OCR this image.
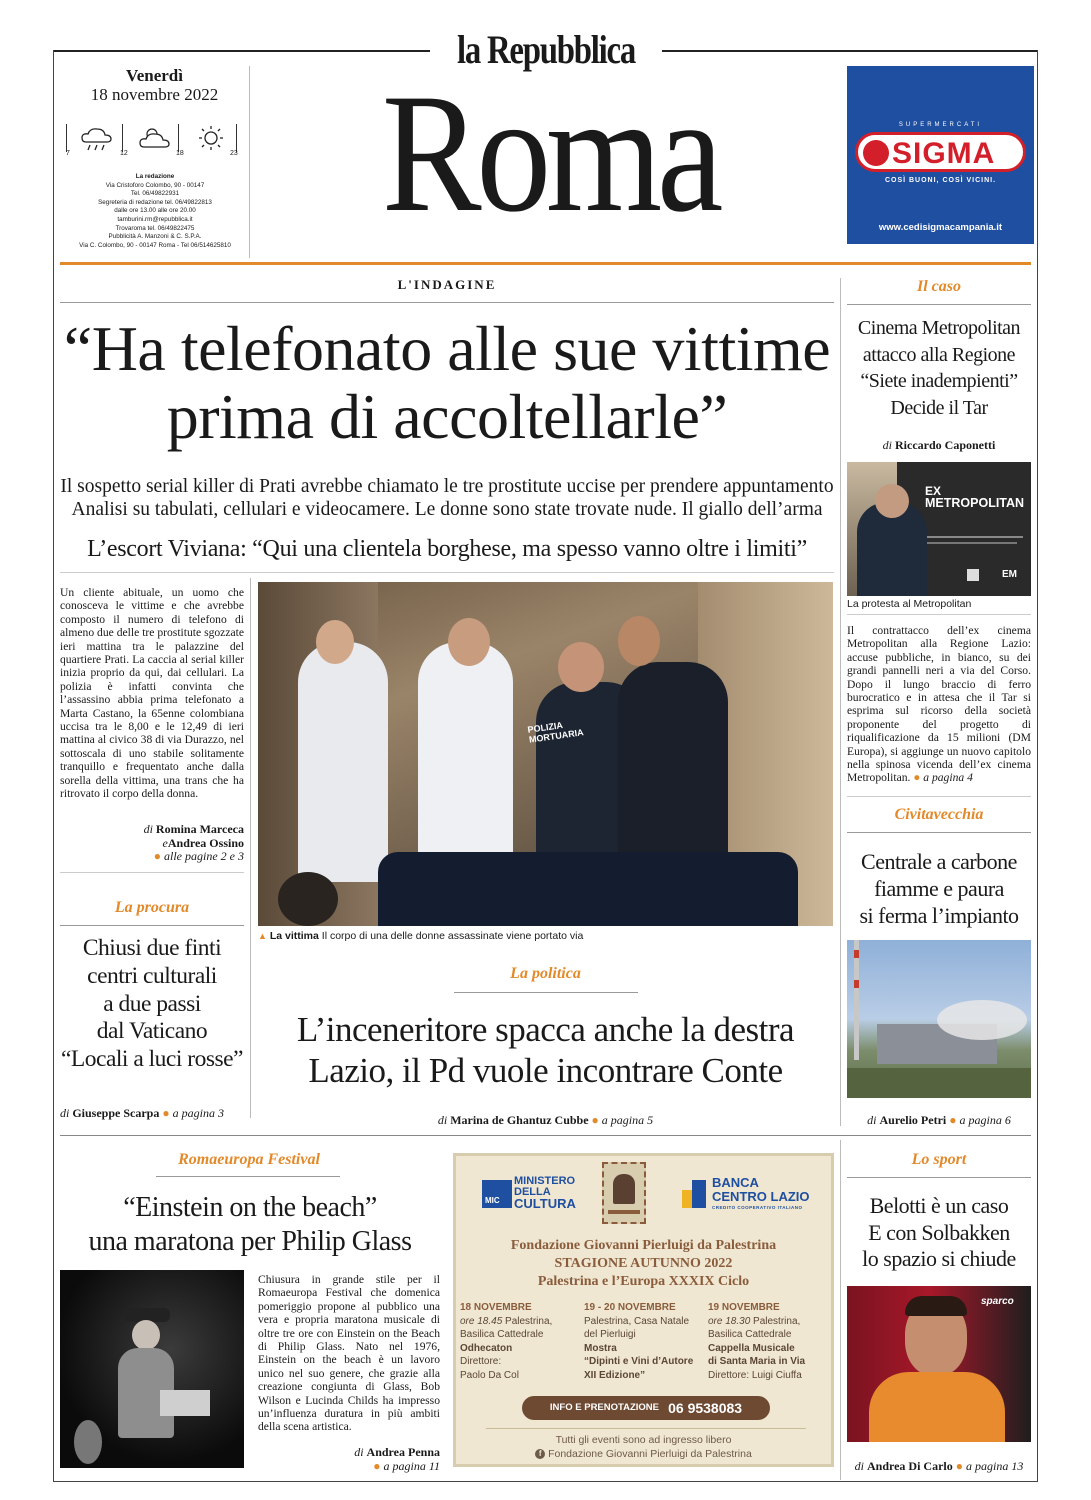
la Repubblica
Venerdì
18 novembre 2022
7	12	18	23
La redazione
Via Cristoforo Colombo, 90 - 00147
Tel. 06/49822931
Segreteria di redazione tel. 06/49822813
dalle ore 13.00 alle ore 20.00
tamburini.rm@repubblica.it
Trovaroma tel. 06/49822475
Pubblicità A. Manzoni & C. S.P.A.
Via C. Colombo, 90 - 00147 Roma - Tel 06/514625810 Roma	SUPERMERCATI
SIGMA
COSÌ BUONI, COSÌ VICINI.
www.cedisigmacampania.it
L'INDAGINE
“Ha telefonato alle sue vittime
prima di accoltellarle”
Il sospetto serial killer di Prati avrebbe chiamato le tre prostitute uccise per prendere appuntamento
Analisi su tabulati, cellulari e videocamere. Le donne sono state trovate nude. Il giallo dell’arma
L’escort Viviana: “Qui una clientela borghese, ma spesso vanno oltre i limiti”
Un cliente abituale, un uomo che conosceva le vittime e che avrebbe composto il numero di telefono di almeno due delle tre prostitute sgozzate ieri mattina tra le palazzine del quartiere Prati. La caccia al serial killer inizia proprio da qui, dai cellulari. La polizia è infatti convinta che l’assassino abbia prima telefonato a Marta Castano, la 65enne colombiana uccisa tra le 8,00 e le 12,49 di ieri mattina al civico 38 di via Durazzo, nel sottoscala di uno stabile solitamente tranquillo e frequentato anche dalla sorella della vittima, una trans che ha ritrovato il corpo della donna.
di Romina Marceca
eAndrea Ossino
● alle pagine 2 e 3
POLIZIA MORTUARIA
▲ La vittima Il corpo di una delle donne assassinate viene portato via
La procura
Chiusi due finti
centri culturali
a due passi
dal Vaticano
“Locali a luci rosse”
di Giuseppe Scarpa ● a pagina 3
La politica
L’inceneritore spacca anche la destra
Lazio, il Pd vuole incontrare Conte
di Marina de Ghantuz Cubbe ● a pagina 5
Il caso
Cinema Metropolitan
attacco alla Regione
“Siete inadempienti”
Decide il Tar
di Riccardo Caponetti
EX
METROPOLITAN
EM
La protesta al Metropolitan
Il contrattacco dell’ex cinema Metropolitan alla Regione Lazio: accuse pubbliche, in bianco, su dei grandi pannelli neri a via del Corso. Dopo il lungo braccio di ferro burocratico e in attesa che il Tar si esprima sul ricorso della società proponente del progetto di riqualificazione da 15 milioni (DM Europa), si aggiunge un nuovo capitolo nella spinosa vicenda dell’ex cinema Metropolitan. ● a pagina 4
Civitavecchia
Centrale a carbone
fiamme e paura
si ferma l’impianto
di Aurelio Petri ● a pagina 6
Romaeuropa Festival
“Einstein on the beach”
una maratona per Philip Glass
Chiusura in grande stile per il Romaeuropa Festival che domenica pomeriggio propone al pubblico una vera e propria maratona musicale di oltre tre ore con Einstein on the Beach di Philip Glass. Nato nel 1976, Einstein on the beach è un lavoro unico nel suo genere, che grazie alla creazione congiunta di Glass, Bob Wilson e Lucinda Childs ha impresso un’influenza duratura in più ambiti della scena artistica.
di Andrea Penna
● a pagina 11
MIC
MINISTERO
DELLA
CULTURA
BANCA
CENTRO LAZIO
CREDITO COOPERATIVO ITALIANO
Fondazione Giovanni Pierluigi da Palestrina
STAGIONE AUTUNNO 2022
Palestrina e l’Europa XXXIX Ciclo
18 NOVEMBRE
ore 18.45 Palestrina,
Basilica Cattedrale
Odhecaton
Direttore:
Paolo Da Col
19 - 20 NOVEMBRE
Palestrina, Casa Natale
del Pierluigi
Mostra
“Dipinti e Vini d’Autore
XII Edizione”
19 NOVEMBRE
ore 18.30 Palestrina,
Basilica Cattedrale
Cappella Musicale
di Santa Maria in Via
Direttore: Luigi Ciuffa
INFO E PRENOTAZIONE 06 9538083
Tutti gli eventi sono ad ingresso libero
f Fondazione Giovanni Pierluigi da Palestrina
Lo sport
Belotti è un caso
E con Solbakken
lo spazio si chiude
sparco
di Andrea Di Carlo ● a pagina 13
